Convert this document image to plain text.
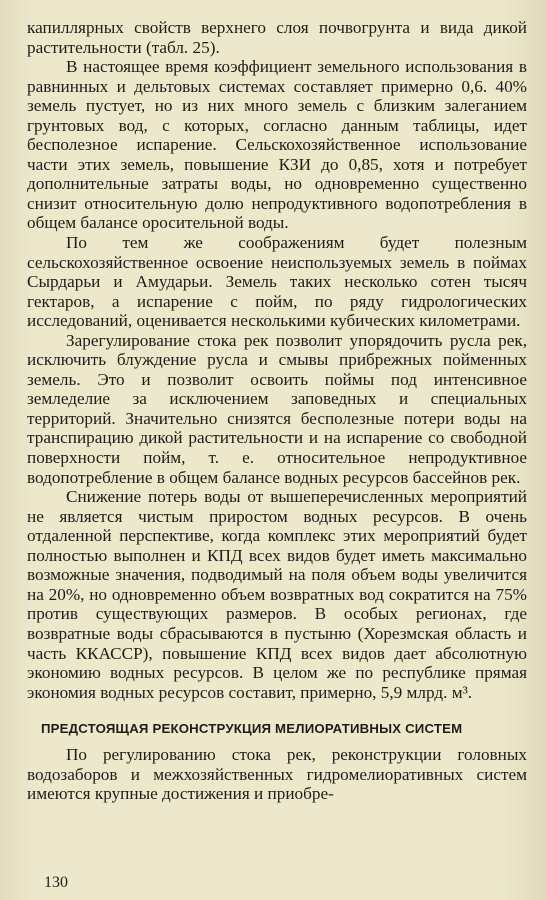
капиллярных свойств верхнего слоя почвогрунта и вида дикой растительности (табл. 25).

В настоящее время коэффициент земельного использования в равнинных и дельтовых системах составляет примерно 0,6. 40% земель пустует, но из них много земель с близким залеганием грунтовых вод, с которых, согласно данным таблицы, идет бесполезное испарение. Сельскохозяйственное использование части этих земель, повышение КЗИ до 0,85, хотя и потребует дополнительные затраты воды, но одновременно существенно снизит относительную долю непродуктивного водопотребления в общем балансе оросительной воды.

По тем же соображениям будет полезным сельскохозяйственное освоение неиспользуемых земель в поймах Сырдарьи и Амударьи. Земель таких несколько сотен тысяч гектаров, а испарение с пойм, по ряду гидрологических исследований, оценивается несколькими кубических километрами.

Зарегулирование стока рек позволит упорядочить русла рек, исключить блуждение русла и смывы прибрежных пойменных земель. Это и позволит освоить поймы под интенсивное земледелие за исключением заповедных и специальных территорий. Значительно снизятся бесполезные потери воды на транспирацию дикой растительности и на испарение со свободной поверхности пойм, т. е. относительное непродуктивное водопотребление в общем балансе водных ресурсов бассейнов рек.

Снижение потерь воды от вышеперечисленных мероприятий не является чистым приростом водных ресурсов. В очень отдаленной перспективе, когда комплекс этих мероприятий будет полностью выполнен и КПД всех видов будет иметь максимально возможные значения, подводимый на поля объем воды увеличится на 20%, но одновременно объем возвратных вод сократится на 75% против существующих размеров. В особых регионах, где возвратные воды сбрасываются в пустыню (Хорезмская область и часть ККАССР), повышение КПД всех видов дает абсолютную экономию водных ресурсов. В целом же по республике прямая экономия водных ресурсов составит, примерно, 5,9 млрд. м³.

ПРЕДСТОЯЩАЯ РЕКОНСТРУКЦИЯ МЕЛИОРАТИВНЫХ СИСТЕМ

По регулированию стока рек, реконструкции головных водозаборов и межхозяйственных гидромелиоративных систем имеются крупные достижения и приобре-

130
